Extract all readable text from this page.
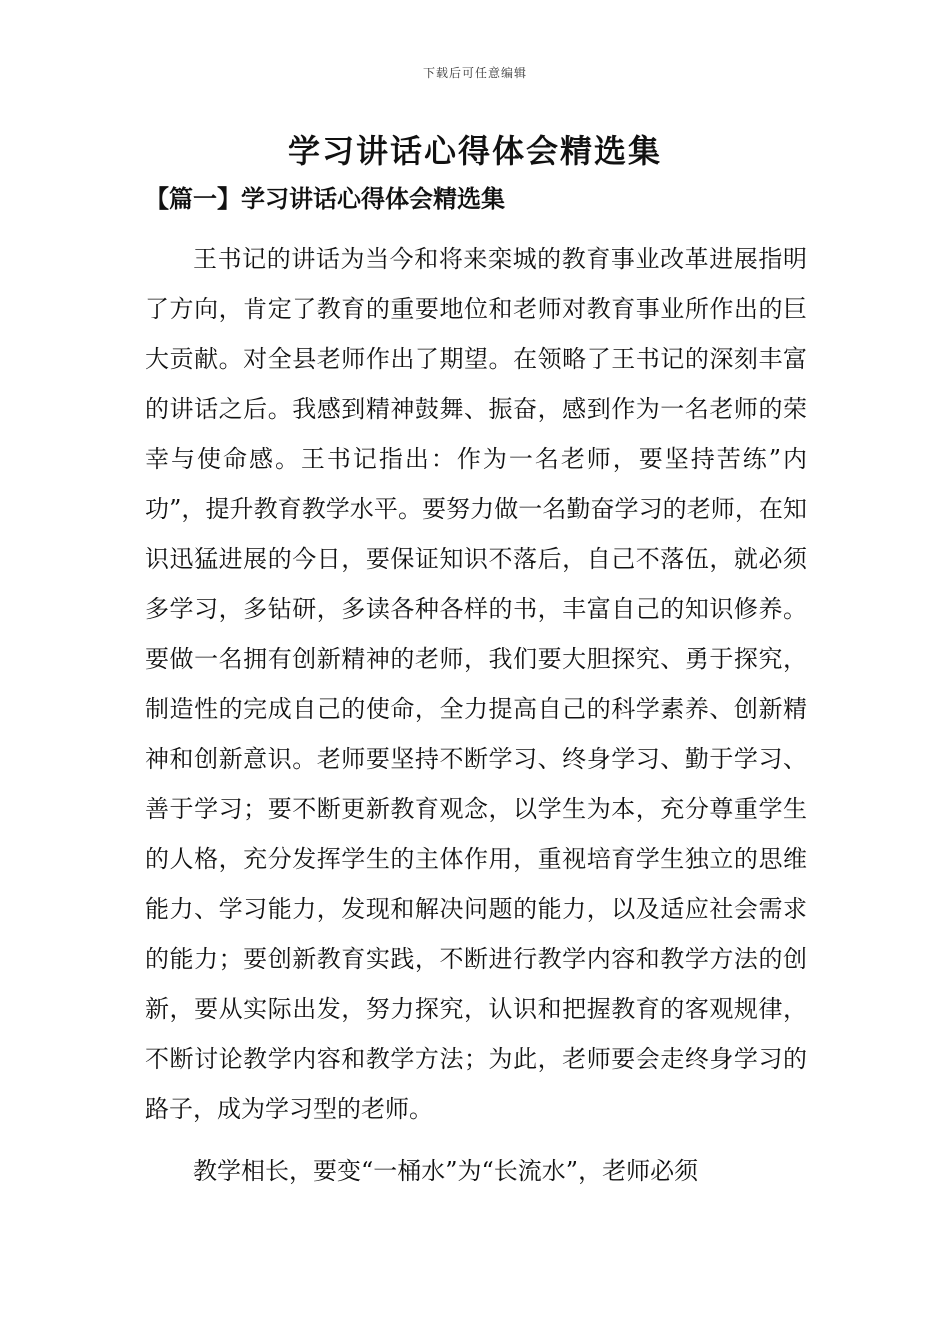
下载后可任意编辑
学习讲话心得体会精选集
【篇一】学习讲话心得体会精选集

王书记的讲话为当今和将来栾城的教育事业改革进展指明了方向，肯定了教育的重要地位和老师对教育事业所作出的巨大贡献。对全县老师作出了期望。在领略了王书记的深刻丰富的讲话之后。我感到精神鼓舞、振奋，感到作为一名老师的荣幸与使命感。王书记指出：作为一名老师，要坚持苦练”内功”，提升教育教学水平。要努力做一名勤奋学习的老师，在知识迅猛进展的今日，要保证知识不落后，自己不落伍，就必须多学习，多钻研，多读各种各样的书，丰富自己的知识修养。要做一名拥有创新精神的老师，我们要大胆探究、勇于探究，制造性的完成自己的使命，全力提高自己的科学素养、创新精神和创新意识。老师要坚持不断学习、终身学习、勤于学习、善于学习；要不断更新教育观念，以学生为本，充分尊重学生的人格，充分发挥学生的主体作用，重视培育学生独立的思维能力、学习能力，发现和解决问题的能力，以及适应社会需求的能力；要创新教育实践，不断进行教学内容和教学方法的创新，要从实际出发，努力探究，认识和把握教育的客观规律，不断讨论教学内容和教学方法；为此，老师要会走终身学习的路子，成为学习型的老师。

教学相长，要变“一桶水”为“长流水”，老师必须
